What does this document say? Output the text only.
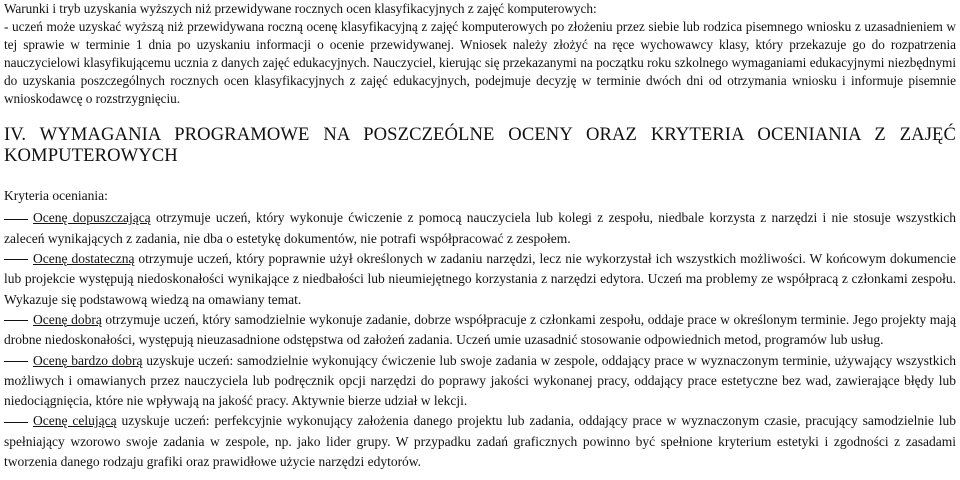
Warunki i tryb uzyskania wyższych niż przewidywane rocznych ocen klasyfikacyjnych z zajęć komputerowych:
- uczeń może uzyskać wyższą niż przewidywana roczną ocenę klasyfikacyjną z zajęć komputerowych po złożeniu przez siebie lub rodzica pisemnego wniosku z uzasadnieniem w tej sprawie w terminie 1 dnia po uzyskaniu informacji o ocenie przewidywanej. Wniosek należy złożyć na ręce wychowawcy klasy, który przekazuje go do rozpatrzenia nauczycielowi klasyfikującemu ucznia z danych zajęć edukacyjnych. Nauczyciel, kierując się przekazanymi na początku roku szkolnego wymaganiami edukacyjnymi niezbędnymi do uzyskania poszczególnych rocznych ocen klasyfikacyjnych z zajęć edukacyjnych, podejmuje decyzję w terminie dwóch dni od otrzymania wniosku i informuje pisemnie wnioskodawcę o rozstrzygnięciu.
IV. WYMAGANIA PROGRAMOWE NA POSZCZEÓLNE OCENY ORAZ KRYTERIA OCENIANIA Z ZAJĘĆ KOMPUTEROWYCH
Kryteria oceniania:

Ocenę dopuszczającą otrzymuje uczeń, który wykonuje ćwiczenie z pomocą nauczyciela lub kolegi z zespołu, niedbale korzysta z narzędzi i nie stosuje wszystkich zaleceń wynikających z zadania, nie dba o estetykę dokumentów, nie potrafi współpracować z zespołem.

Ocenę dostateczną otrzymuje uczeń, który poprawnie użył określonych w zadaniu narzędzi, lecz nie wykorzystał ich wszystkich możliwości. W końcowym dokumencie lub projekcie występują niedoskonałości wynikające z niedbałości lub nieumiejętnego korzystania z narzędzi edytora. Uczeń ma problemy ze współpracą z członkami zespołu. Wykazuje się podstawową wiedzą na omawiany temat.

Ocenę dobrą otrzymuje uczeń, który samodzielnie wykonuje zadanie, dobrze współpracuje z członkami zespołu, oddaje prace w określonym terminie. Jego projekty mają drobne niedoskonałości, występują nieuzasadnione odstępstwa od założeń zadania. Uczeń umie uzasadnić stosowanie odpowiednich metod, programów lub usług.

Ocenę bardzo dobrą uzyskuje uczeń: samodzielnie wykonujący ćwiczenie lub swoje zadania w zespole, oddający prace w wyznaczonym terminie, używający wszystkich możliwych i omawianych przez nauczyciela lub podręcznik opcji narzędzi do poprawy jakości wykonanej pracy, oddający prace estetyczne bez wad, zawierające błędy lub niedociągnięcia, które nie wpływają na jakość pracy. Aktywnie bierze udział w lekcji.

Ocenę celującą uzyskuje uczeń: perfekcyjnie wykonujący założenia danego projektu lub zadania, oddający prace w wyznaczonym czasie, pracujący samodzielnie lub spełniający wzorowo swoje zadania w zespole, np. jako lider grupy. W przypadku zadań graficznych powinno być spełnione kryterium estetyki i zgodności z zasadami tworzenia danego rodzaju grafiki oraz prawidłowe użycie narzędzi edytorów.
